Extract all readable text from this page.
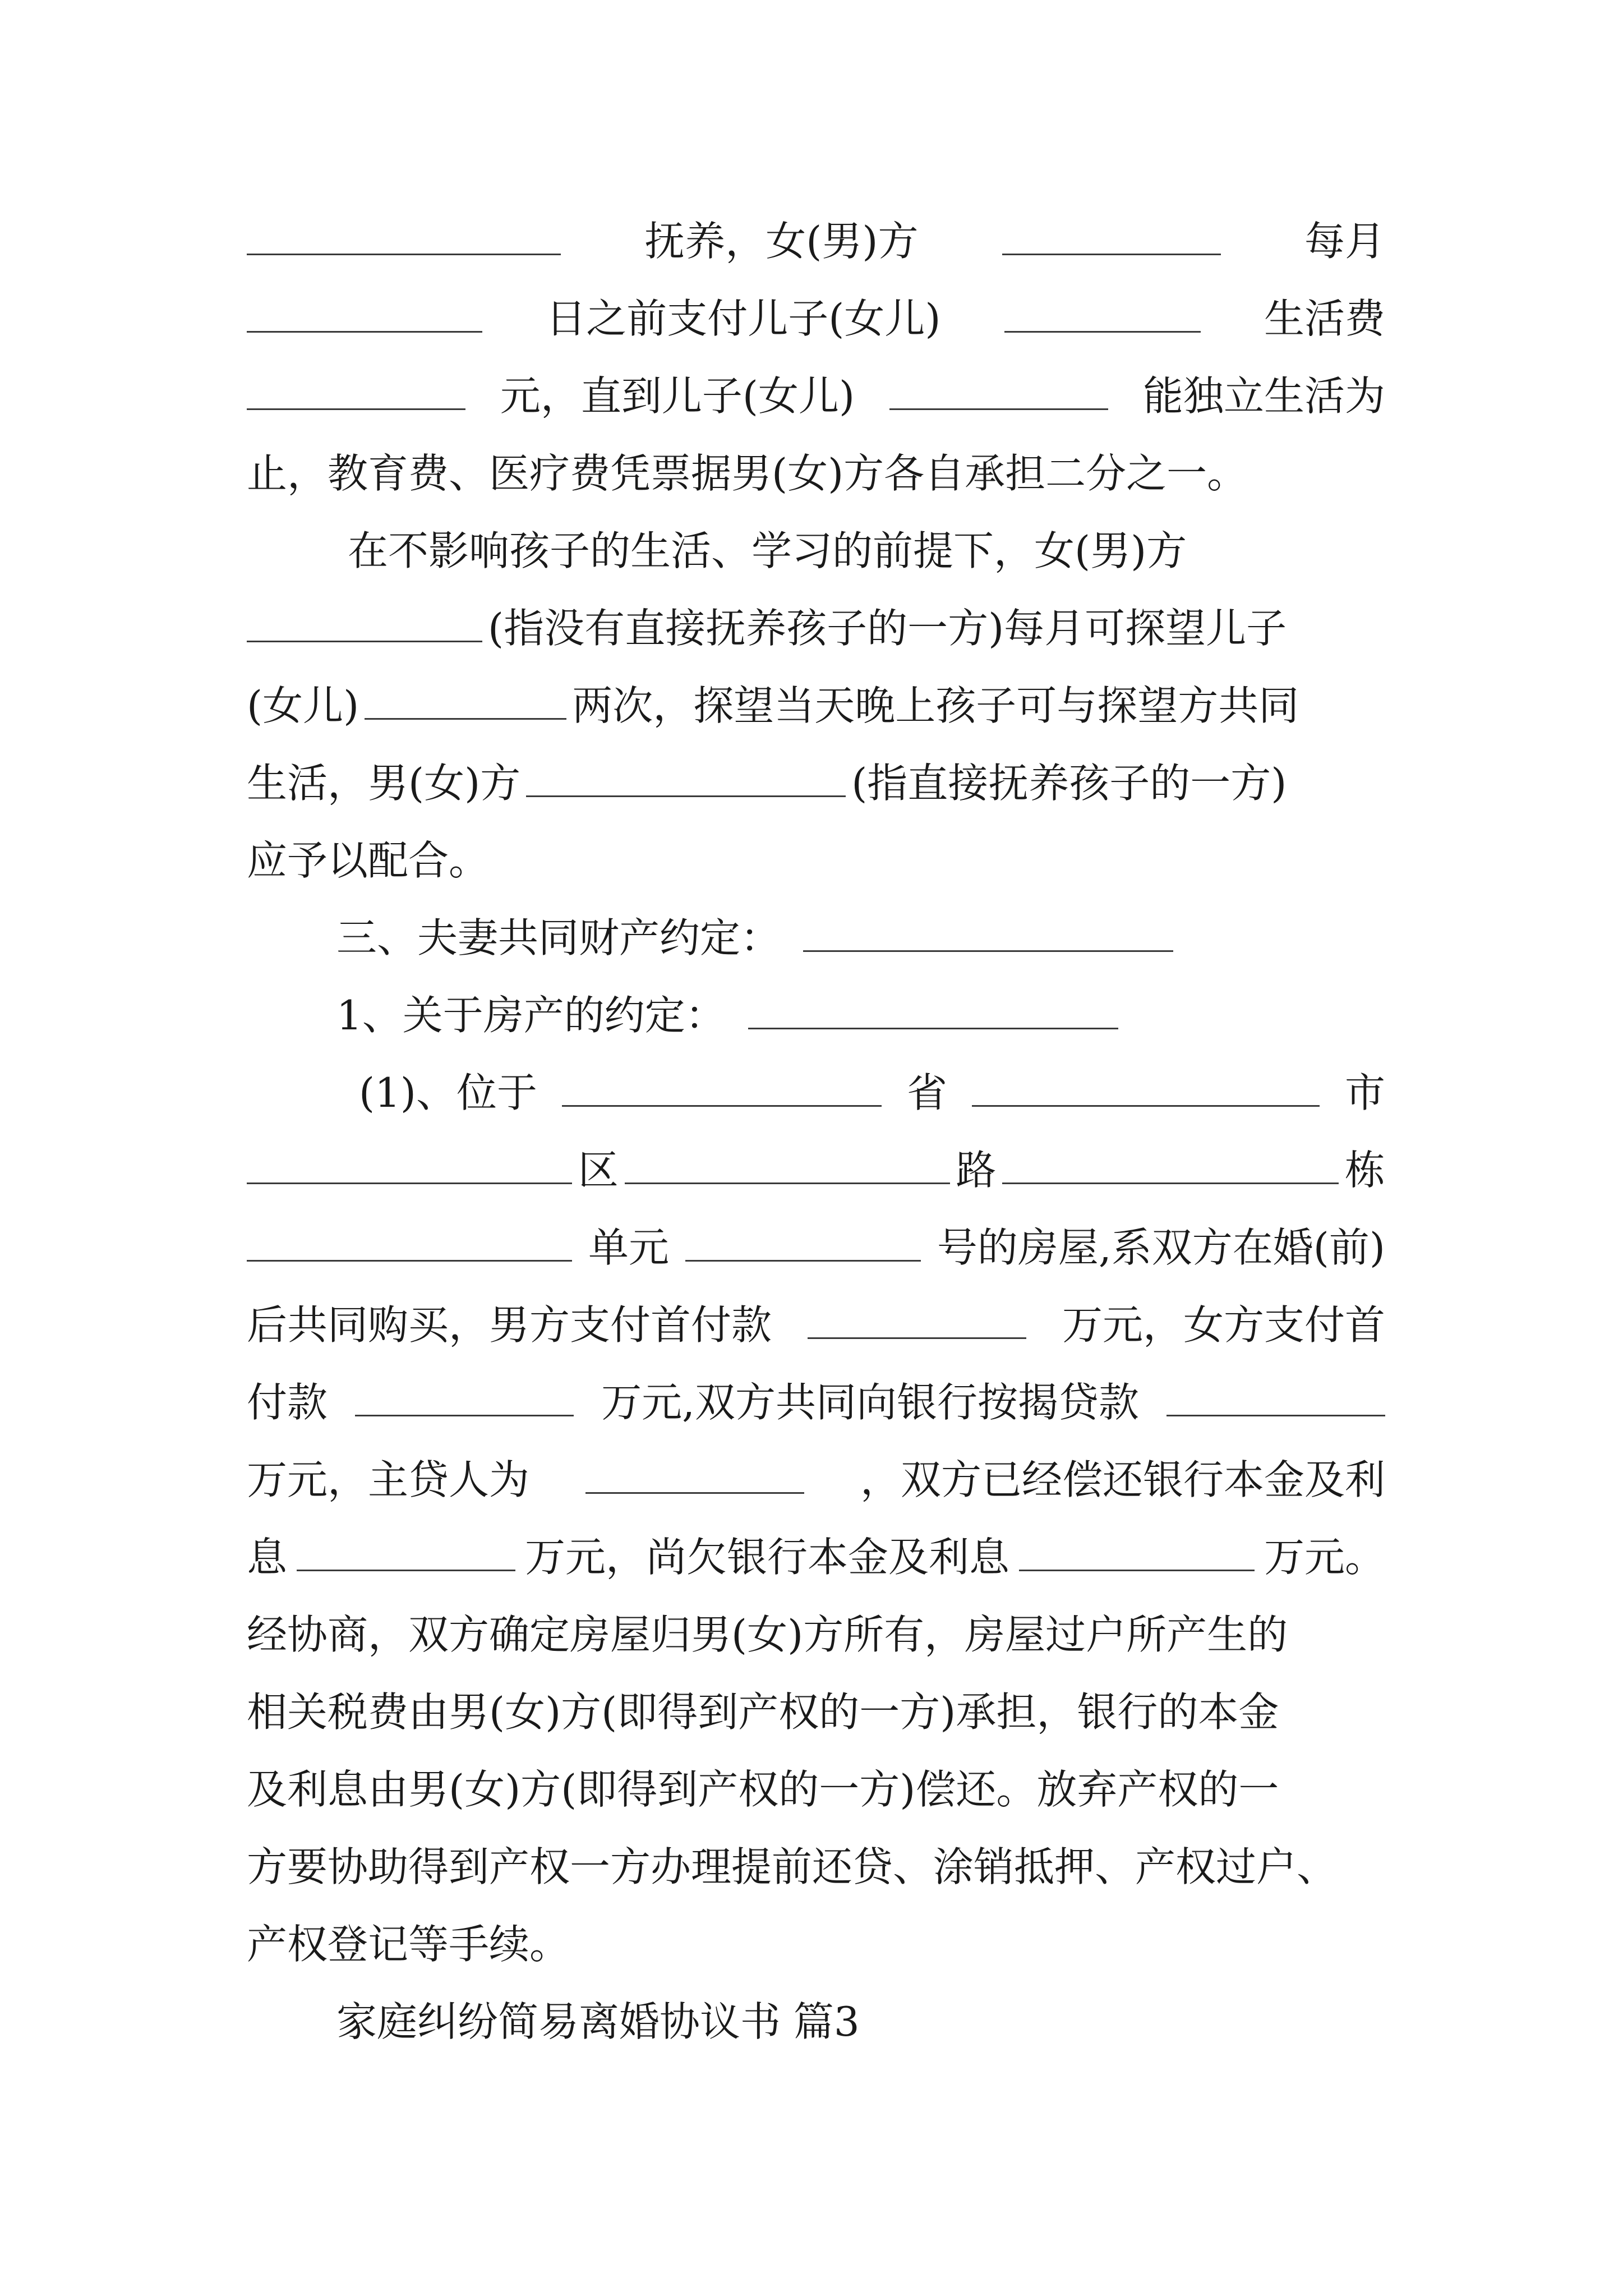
抚养，女(男)方	每月
日之前支付儿子(女儿)	生活费
元，直到儿子(女儿)	能独立生活为
止，教育费、医疗费凭票据男(女)方各自承担二分之一。
在不影响孩子的生活、学习的前提下，女(男)方
(指没有直接抚养孩子的一方)每月可探望儿子
(女儿)	两次，探望当天晚上孩子可与探望方共同
生活，男(女)方	(指直接抚养孩子的一方)
应予以配合。
三、夫妻共同财产约定：
1、关于房产的约定：
(1)、位于	省	市
区	路	栋
单元	号的房屋,系双方在婚(前)
后共同购买，男方支付首付款	万元，女方支付首
付款	万元,双方共同向银行按揭贷款
万元，主贷人为	，双方已经偿还银行本金及利
息	万元，尚欠银行本金及利息	万元。
经协商，双方确定房屋归男(女)方所有，房屋过户所产生的
相关税费由男(女)方(即得到产权的一方)承担，银行的本金
及利息由男(女)方(即得到产权的一方)偿还。放弃产权的一
方要协助得到产权一方办理提前还贷、涂销抵押、产权过户、
产权登记等手续。
家庭纠纷简易离婚协议书 篇3
